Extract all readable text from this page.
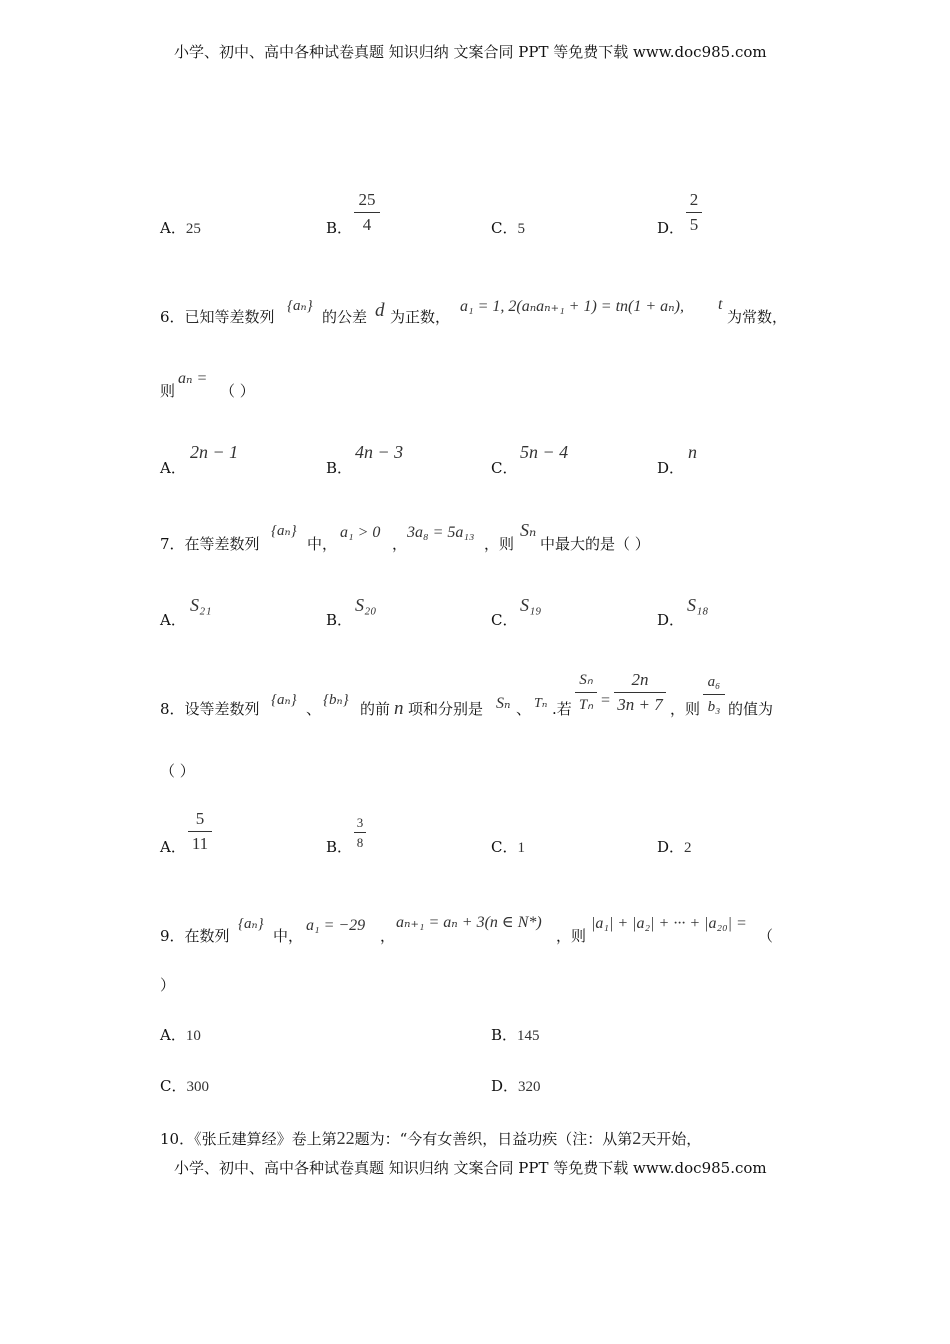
小学、初中、高中各种试卷真题 知识归纳 文案合同 PPT 等免费下载 www.doc985.com
A．25	B．
25
4	C．5	D．
2
5
6．已知等差数列
{aₙ}
的公差 d 为正数，
a₁ = 1, 2(aₙaₙ₊₁ + 1) = tn(1 + aₙ), t
为常数，
则
aₙ =
（ ）
A．
2n − 1
B．
4n − 3
C．
5n − 4
D．
n
7．在等差数列
{aₙ}
中，
a₁ > 0
，
3a₈ = 5a₁₃
，则
Sₙ
中最大的是（ ）
A．
S₂₁
B．
S₂₀
C．
S₁₉
D．
S₁₈
8．设等差数列 {aₙ} 、 {bₙ} 的前 n 项和分别是 Sₙ 、 Tₙ .若
Sₙ
Tₙ =
2n
3n + 7 ，则
a₆
b₃ 的值为
（ ）
A．
5
11	B．
3
8	C．1	D．2
9．在数列
{aₙ}
中，
a₁ = −29
，
aₙ₊₁ = aₙ + 3(n ∈ N*)
，则
|a₁| + |a₂| + ··· + |a₂₀| =
（
）
A．10	B．145
C．300	D．320
10．《张丘建算经》卷上第22题为：“今有女善织，日益功疾（注：从第2天开始，
小学、初中、高中各种试卷真题 知识归纳 文案合同 PPT 等免费下载 www.doc985.com
